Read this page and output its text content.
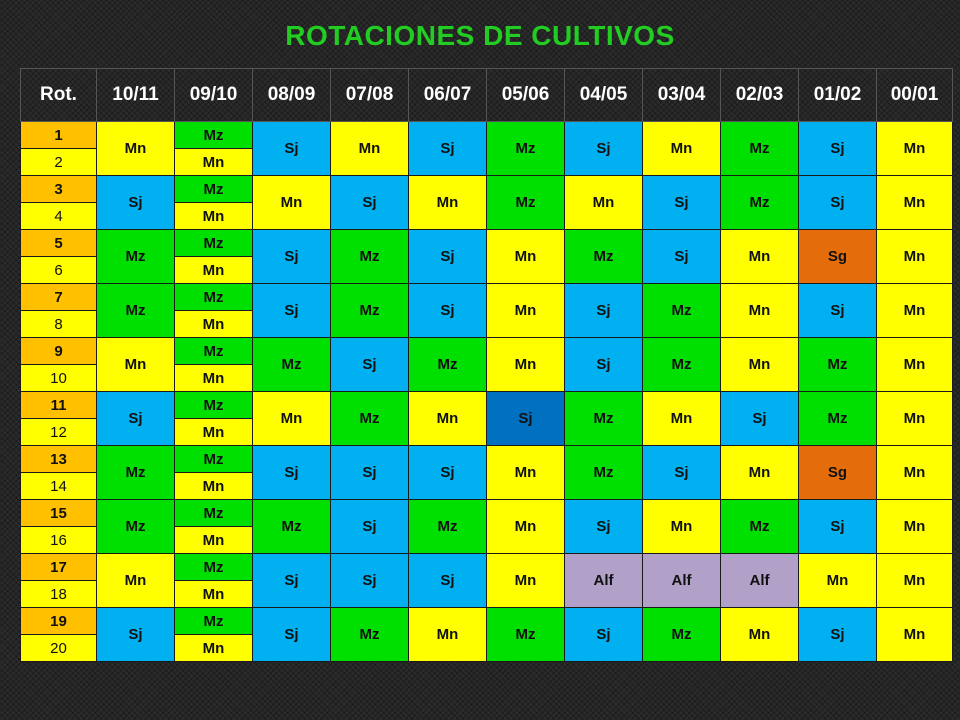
ROTACIONES DE CULTIVOS
Rot.	10/11	09/10	08/09	07/08	06/07	05/06	04/05	03/04	02/03	01/02	00/01
1	Mn	Mz	Sj	Mn	Sj	Mz	Sj	Mn	Mz	Sj	Mn
2		Mn									
3	Sj	Mz	Mn	Sj	Mn	Mz	Mn	Sj	Mz	Sj	Mn
4		Mn									
5	Mz	Mz	Sj	Mz	Sj	Mn	Mz	Sj	Mn	Sg	Mn
6		Mn									
7	Mz	Mz	Sj	Mz	Sj	Mn	Sj	Mz	Mn	Sj	Mn
8		Mn									
9	Mn	Mz	Mz	Sj	Mz	Mn	Sj	Mz	Mn	Mz	Mn
10		Mn									
11	Sj	Mz	Mn	Mz	Mn	Sj	Mz	Mn	Sj	Mz	Mn
12		Mn									
13	Mz	Mz	Sj	Sj	Sj	Mn	Mz	Sj	Mn	Sg	Mn
14		Mn									
15	Mz	Mz	Mz	Sj	Mz	Mn	Sj	Mn	Mz	Sj	Mn
16		Mn									
17	Mn	Mz	Sj	Sj	Sj	Mn	Alf	Alf	Alf	Mn	Mn
18		Mn									
19	Sj	Mz	Sj	Mz	Mn	Mz	Sj	Mz	Mn	Sj	Mn
20		Mn									
